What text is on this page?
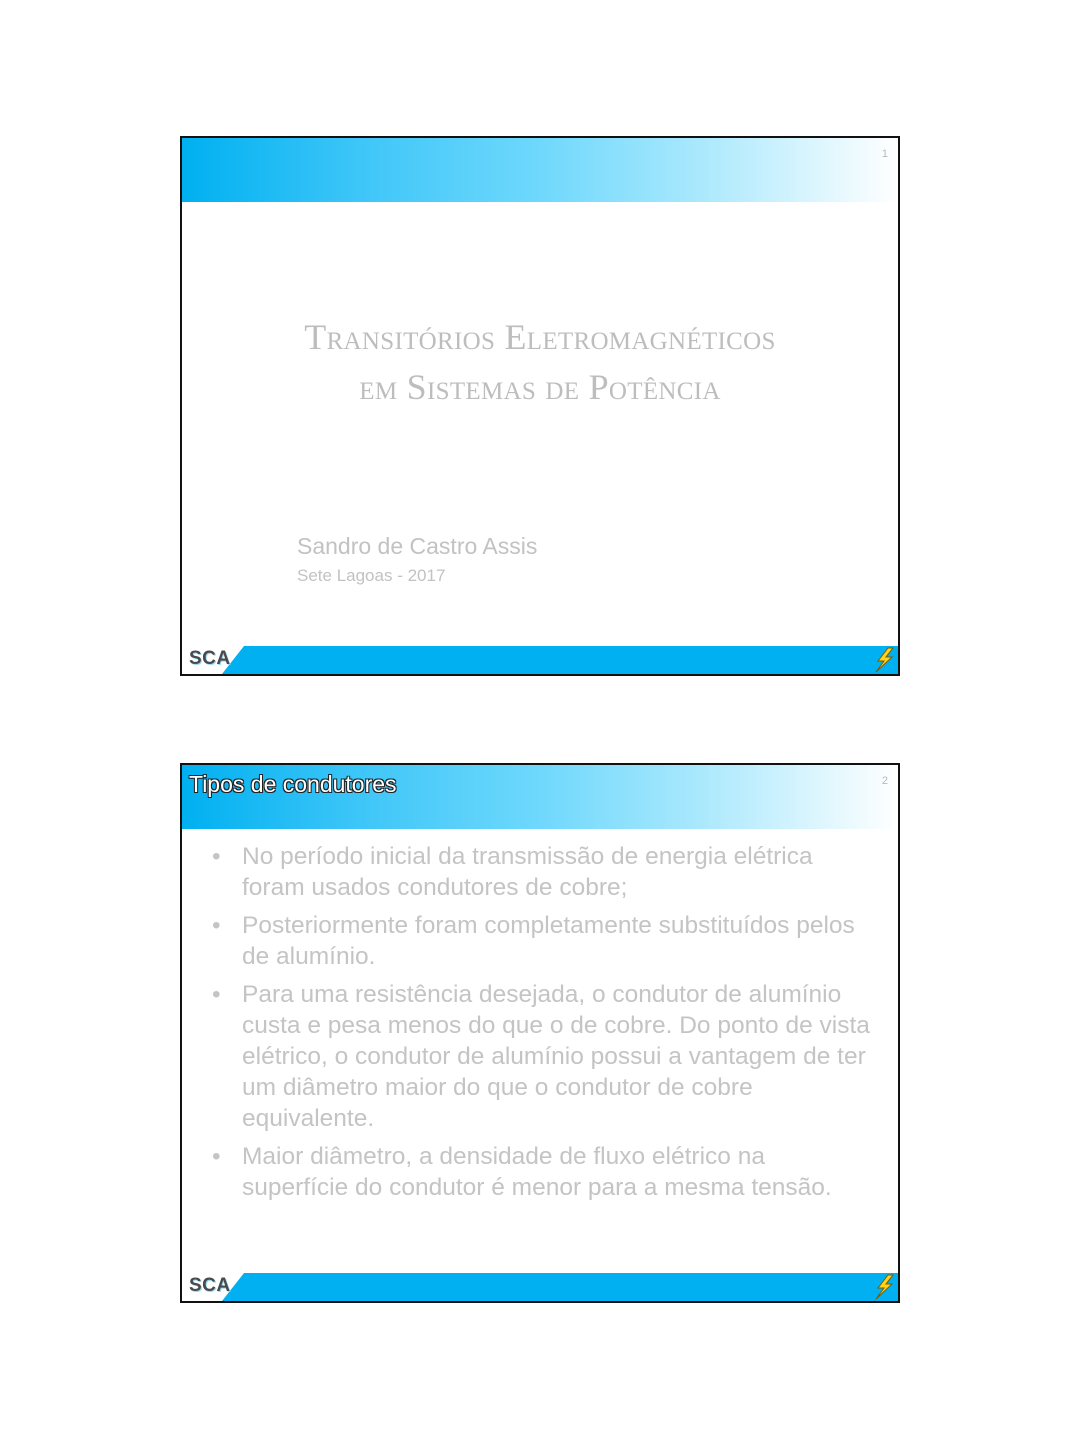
1
Transitórios Eletromagnéticos
em Sistemas de Potência
Sandro de Castro Assis
Sete Lagoas - 2017
SCA
Tipos de condutores	2
• No período inicial da transmissão de energia elétrica foram usados condutores de cobre;
• Posteriormente foram completamente substituídos pelos de alumínio.
• Para uma resistência desejada, o condutor de alumínio custa e pesa menos do que o de cobre. Do ponto de vista elétrico, o condutor de alumínio possui a vantagem de ter um diâmetro maior do que o condutor de cobre equivalente.
• Maior diâmetro, a densidade de fluxo elétrico na superfície do condutor é menor para a mesma tensão.
SCA
